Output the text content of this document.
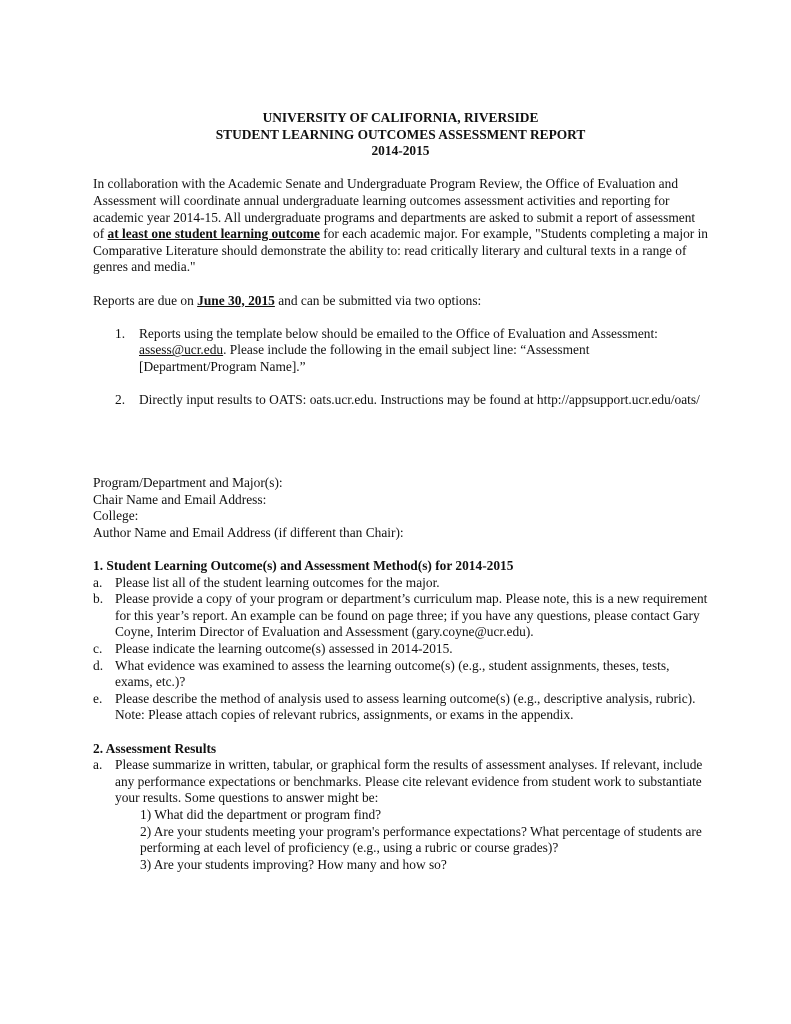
UNIVERSITY OF CALIFORNIA, RIVERSIDE

STUDENT LEARNING OUTCOMES ASSESSMENT REPORT

2014-2015

In collaboration with the Academic Senate and Undergraduate Program Review, the Office of Evaluation and Assessment will coordinate annual undergraduate learning outcomes assessment activities and reporting for academic year 2014-15. All undergraduate programs and departments are asked to submit a report of assessment of at least one student learning outcome for each academic major. For example, "Students completing a major in Comparative Literature should demonstrate the ability to: read critically literary and cultural texts in a range of genres and media."

Reports are due on June 30, 2015 and can be submitted via two options:

1.	Reports using the template below should be emailed to the Office of Evaluation and Assessment: assess@ucr.edu. Please include the following in the email subject line: “Assessment [Department/Program Name].”
2.	Directly input results to OATS: oats.ucr.edu. Instructions may be found at http://appsupport.ucr.edu/oats/

Program/Department and Major(s):

Chair Name and Email Address:

College:

Author Name and Email Address (if different than Chair):

1. Student Learning Outcome(s) and Assessment Method(s) for 2014-2015
a. Please list all of the student learning outcomes for the major.
b. Please provide a copy of your program or department’s curriculum map. Please note, this is a new requirement for this year’s report. An example can be found on page three; if you have any questions, please contact Gary Coyne, Interim Director of Evaluation and Assessment (gary.coyne@ucr.edu).
c. Please indicate the learning outcome(s) assessed in 2014-2015.
d. What evidence was examined to assess the learning outcome(s) (e.g., student assignments, theses, tests, exams, etc.)?
e. Please describe the method of analysis used to assess learning outcome(s) (e.g., descriptive analysis, rubric). Note: Please attach copies of relevant rubrics, assignments, or exams in the appendix.
2. Assessment Results
a. Please summarize in written, tabular, or graphical form the results of assessment analyses. If relevant, include any performance expectations or benchmarks. Please cite relevant evidence from student work to substantiate your results. Some questions to answer might be:

1) What did the department or program find?

2) Are your students meeting your program's performance expectations? What percentage of students are performing at each level of proficiency (e.g., using a rubric or course grades)?

3) Are your students improving? How many and how so?
